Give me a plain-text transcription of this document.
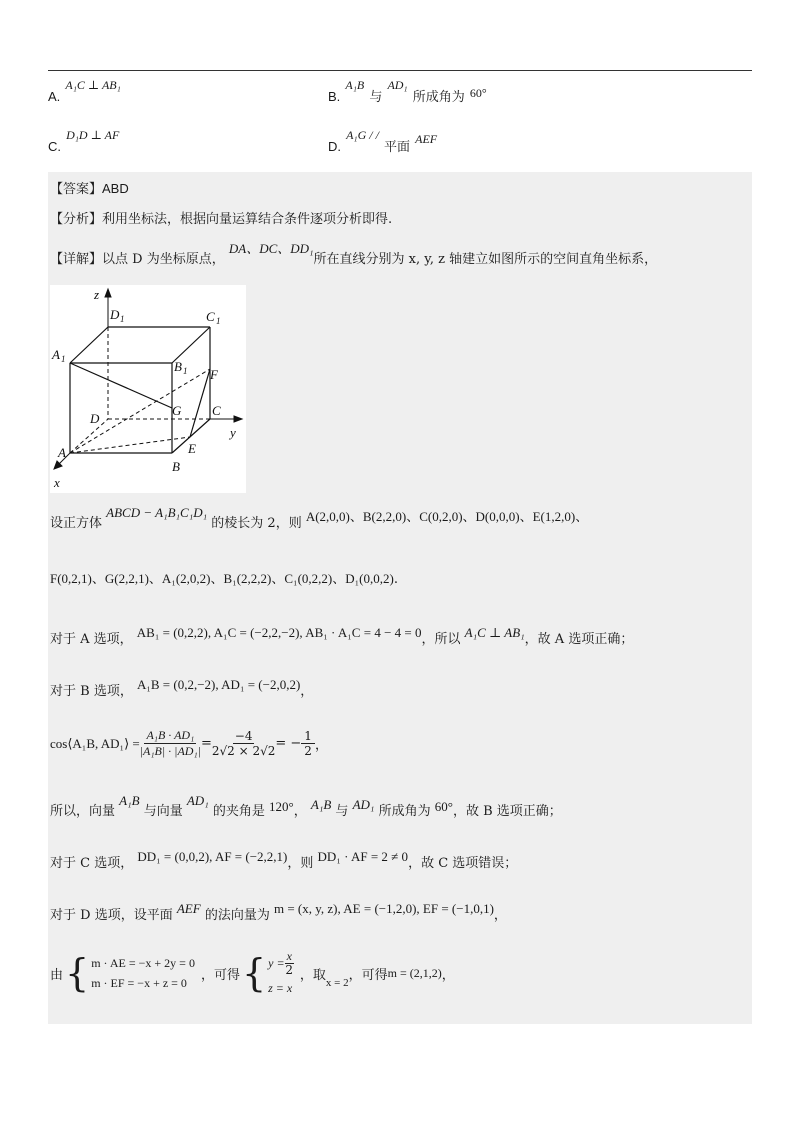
A. $^{A_1C \perp AB_1}$
B. $^{A_1B}$ 与 $^{AD_1}$ 所成角为 $^{60^\circ}$
C. $^{D_1D \perp AF}$
D. $^{A_1G / /}$ 平面 $^{AEF}$
【答案】ABD
【分析】利用坐标法，根据向量运算结合条件逐项分析即得.
【详解】以点 D 为坐标原点， DA、DC、DD₁所在直线分别为 x, y, z 轴建立如图所示的空间直角坐标系，
z
y
x
D 1	C 1
A 1	B 1 F
G C
D
E
A
B
设正方体 ABCD − A₁B₁C₁D₁ 的棱长为 2，则 A(2,0,0)、B(2,2,0)、C(0,2,0)、D(0,0,0)、E(1,2,0)、
F(0,2,1)、G(2,2,1)、A₁(2,0,2)、B₁(2,2,2)、C₁(0,2,2)、D₁(0,0,2).
对于 A 选项， AB₁ = (0,2,2), A₁C = (−2,2,−2), AB₁ · A₁C = 4 − 4 = 0，所以 A₁C ⊥ AB₁，故 A 选项正确；
对于 B 选项， A₁B = (0,2,−2), AD₁ = (−2,0,2)，
cos⟨A₁B, AD₁⟩ = $\frac{\text{A₁B · AD₁}}{\text{|A₁B| · |AD₁|}} = \frac{-4}{2√2 \times 2√2}$ = − $\frac{1}{2}$ ，
所以，向量 A₁B 与向量 AD₁ 的夹角是 120°， A₁B 与 AD₁ 所成角为 60°，故 B 选项正确；
对于 C 选项， DD₁ = (0,0,2), AF = (−2,2,1)，则 DD₁ · AF = 2 ≠ 0，故 C 选项错误；
对于 D 选项，设平面 AEF 的法向量为 m = (x, y, z), AE = (−1,2,0), EF = (−1,0,1)，
由 { m · AE = −x + 2y = 0
m · EF = −x + z = 0
，可得 { $y = \frac{x}{2}$
z = x
，取
x = 2
，可得 m = (2,1,2) ，
